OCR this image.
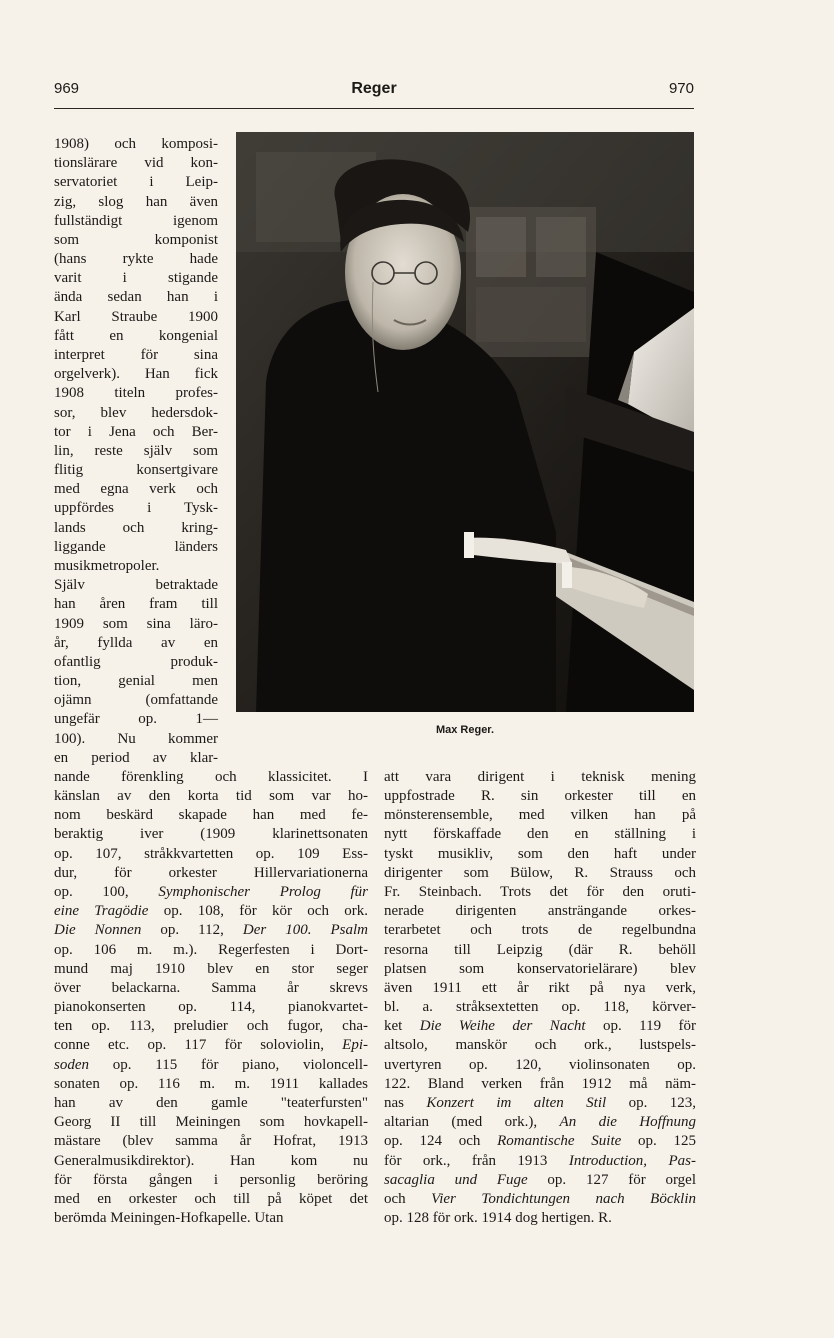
969	Reger	970
Max Reger.
1908) och komposi-
tionslärare vid kon-
servatoriet i Leip-
zig, slog han även
fullständigt igenom
som komponist
(hans rykte hade
varit i stigande
ända sedan han i
Karl Straube 1900
fått en kongenial
interpret för sina
orgelverk). Han fick
1908 titeln profes-
sor, blev hedersdok-
tor i Jena och Ber-
lin, reste själv som
flitig konsertgivare
med egna verk och
uppfördes i Tysk-
lands och kring-
liggande länders
musikmetropoler.
Själv betraktade
han åren fram till
1909 som sina läro-
år, fyllda av en
ofantlig produk-
tion, genial men
ojämn (omfattande
ungefär op. 1—
100). Nu kommer
en period av klar-
nande förenkling och klassicitet. I
känslan av den korta tid som var ho-
nom beskärd skapade han med fe-
beraktig iver (1909 klarinettsonaten
op. 107, stråkkvartetten op. 109 Ess-
dur, för orkester Hillervariationerna
op. 100, Symphonischer Prolog für
eine Tragödie op. 108, för kör och ork.
Die Nonnen op. 112, Der 100. Psalm
op. 106 m. m.). Regerfesten i Dort-
mund maj 1910 blev en stor seger
över belackarna. Samma år skrevs
pianokonserten op. 114, pianokvartet-
ten op. 113, preludier och fugor, cha-
conne etc. op. 117 för soloviolin, Epi-
soden op. 115 för piano, violoncell-
sonaten op. 116 m. m. 1911 kallades
han av den gamle "teaterfursten"
Georg II till Meiningen som hovkapell-
mästare (blev samma år Hofrat, 1913
Generalmusikdirektor). Han kom nu
för första gången i personlig beröring
med en orkester och till på köpet det
berömda Meiningen-Hofkapelle. Utan
att vara dirigent i teknisk mening
uppfostrade R. sin orkester till en
mönsterensemble, med vilken han på
nytt förskaffade den en ställning i
tyskt musikliv, som den haft under
dirigenter som Bülow, R. Strauss och
Fr. Steinbach. Trots det för den oruti-
nerade dirigenten ansträngande orkes-
terarbetet och trots de regelbundna
resorna till Leipzig (där R. behöll
platsen som konservatorielärare) blev
även 1911 ett år rikt på nya verk,
bl. a. stråksextetten op. 118, körver-
ket Die Weihe der Nacht op. 119 för
altsolo, manskör och ork., lustspels-
uvertyren op. 120, violinsonaten op.
122. Bland verken från 1912 må näm-
nas Konzert im alten Stil op. 123,
altarian (med ork.), An die Hoffnung
op. 124 och Romantische Suite op. 125
för ork., från 1913 Introduction, Pas-
sacaglia und Fuge op. 127 för orgel
och Vier Tondichtungen nach Böcklin
op. 128 för ork. 1914 dog hertigen. R.
